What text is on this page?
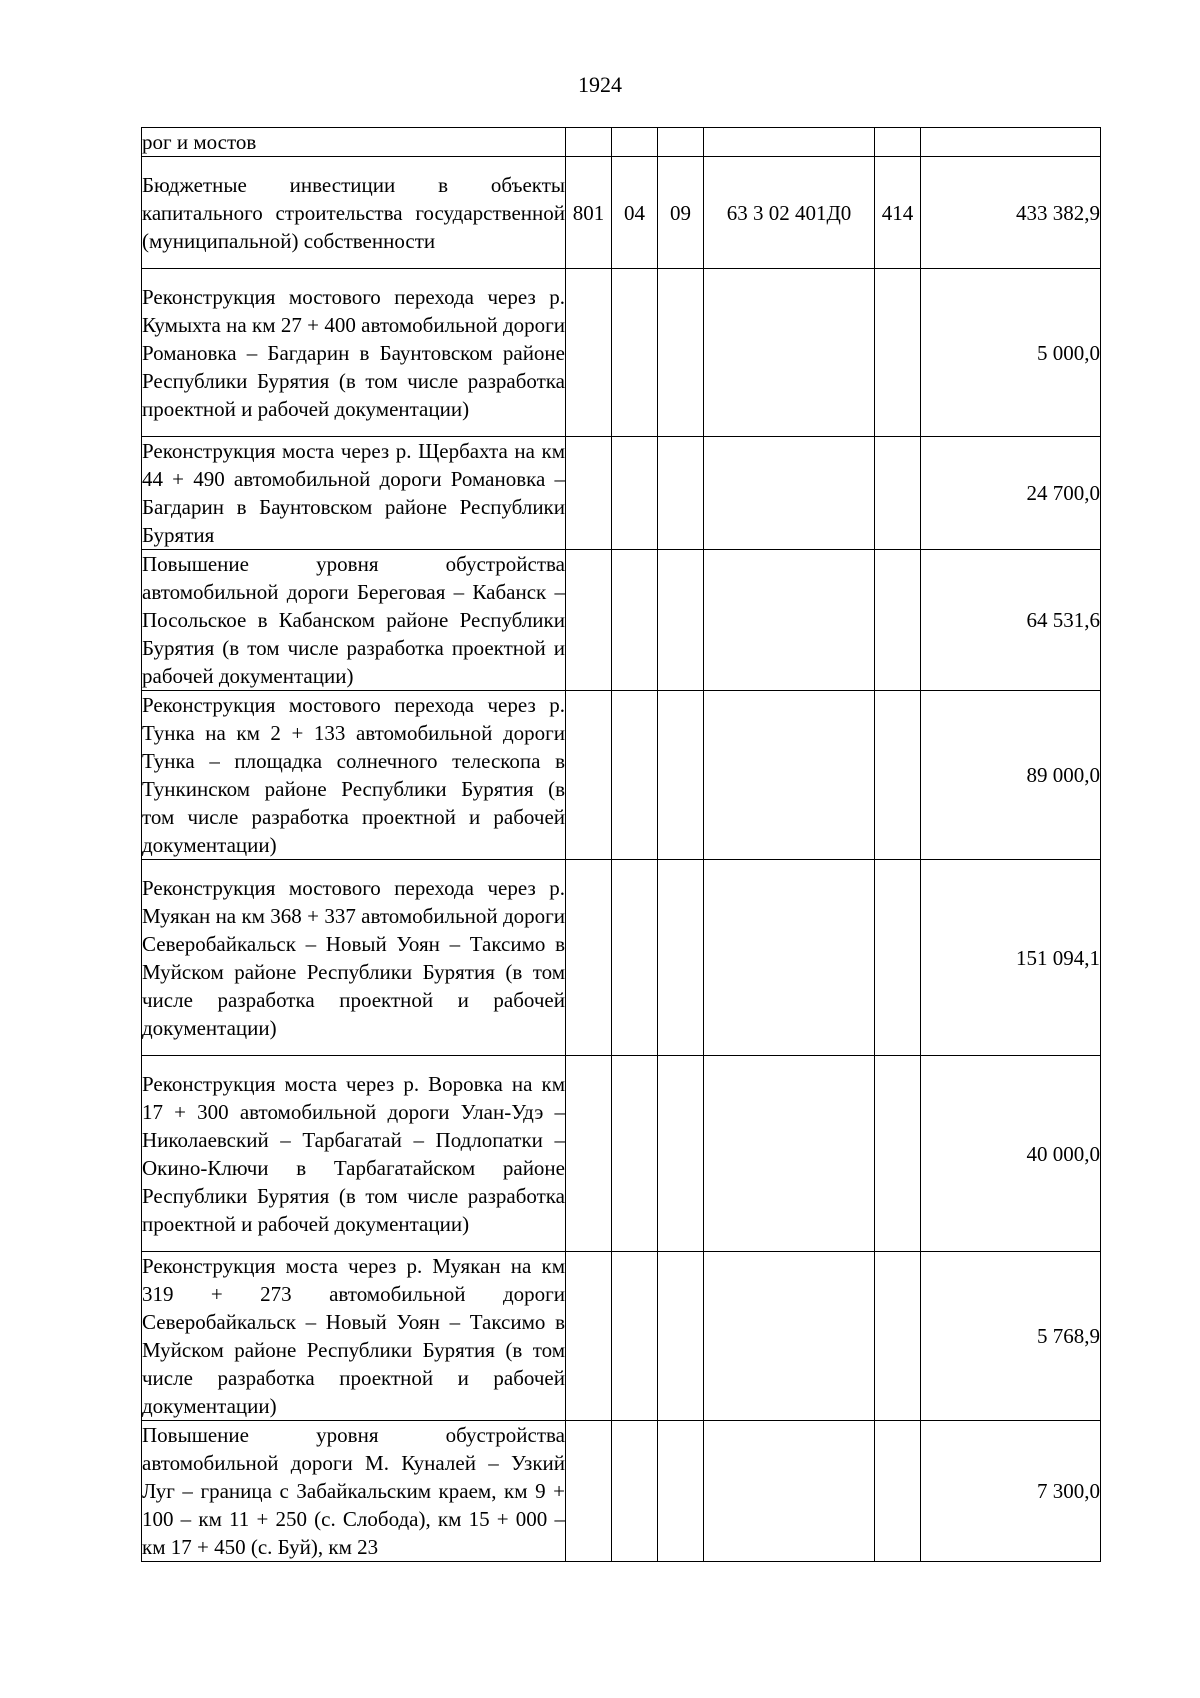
1924
рог и мостов						
Бюджетные инвестиции в объекты капитального строительства государственной (муниципальной) собственности	801	04	09	63 3 02 401Д0	414	433 382,9
Реконструкция мостового перехода через р. Кумыхта на км 27 + 400 автомобильной дороги Романовка – Багдарин в Баунтовском районе Республики Бурятия (в том числе разработка проектной и рабочей документации)						5 000,0
Реконструкция моста через р. Щербахта на км 44 + 490 автомобильной дороги Романовка – Багдарин в Баунтовском районе Республики Бурятия						24 700,0
Повышение уровня обустройства автомобильной дороги Береговая – Кабанск – Посольское в Кабанском районе Республики Бурятия (в том числе разработка проектной и рабочей документации)						64 531,6
Реконструкция мостового перехода через р. Тунка на км 2 + 133 автомобильной дороги Тунка – площадка солнечного телескопа в Тункинском районе Республики Бурятия (в том числе разработка проектной и рабочей документации)						89 000,0
Реконструкция мостового перехода через р. Муякан на км 368 + 337 автомобильной дороги Северобайкальск – Новый Уоян – Таксимо в Муйском районе Республики Бурятия (в том числе разработка проектной и рабочей документации)						151 094,1
Реконструкция моста через р. Воровка на км 17 + 300 автомобильной дороги Улан-Удэ – Николаевский – Тарбагатай – Подлопатки – Окино-Ключи в Тарбагатайском районе Республики Бурятия (в том числе разработка проектной и рабочей документации)						40 000,0
Реконструкция моста через р. Муякан на км 319 + 273 автомобильной дороги Северобайкальск – Новый Уоян – Таксимо в Муйском районе Республики Бурятия (в том числе разработка проектной и рабочей документации)						5 768,9
Повышение уровня обустройства автомобильной дороги М. Куналей – Узкий Луг – граница с Забайкальским краем, км 9 + 100 – км 11 + 250 (с. Слобода), км 15 + 000 – км 17 + 450 (с. Буй), км 23						7 300,0
